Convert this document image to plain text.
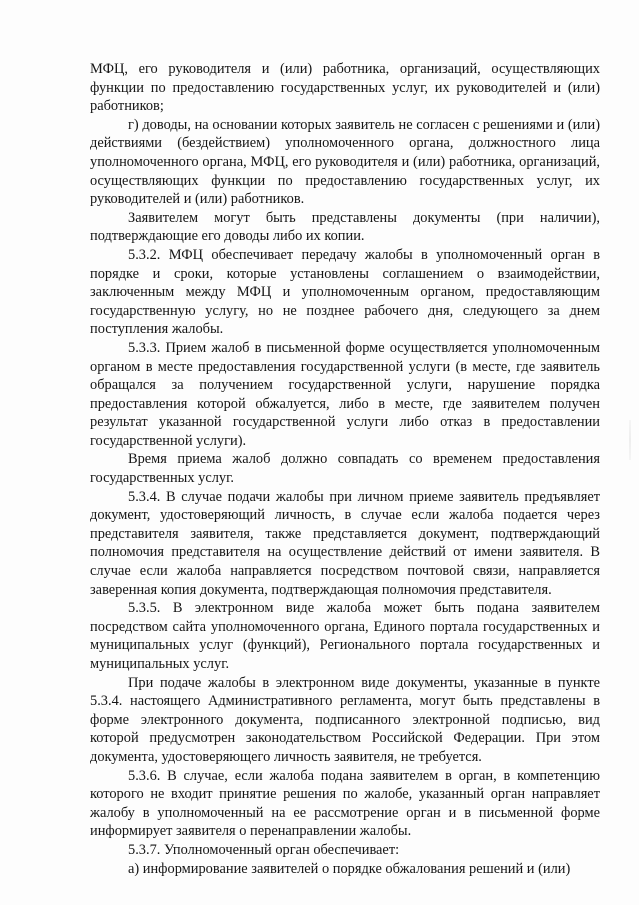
МФЦ, его руководителя и (или) работника, организаций, осуществляющих функции по предоставлению государственных услуг, их руководителей и (или) работников;

г) доводы, на основании которых заявитель не согласен с решениями и (или) действиями (бездействием) уполномоченного органа, должностного лица уполномоченного органа, МФЦ, его руководителя и (или) работника, организаций, осуществляющих функции по предоставлению государственных услуг, их руководителей и (или) работников.

Заявителем могут быть представлены документы (при наличии), подтверждающие его доводы либо их копии.

5.3.2. МФЦ обеспечивает передачу жалобы в уполномоченный орган в порядке и сроки, которые установлены соглашением о взаимодействии, заключенным между МФЦ и уполномоченным органом, предоставляющим государственную услугу, но не позднее рабочего дня, следующего за днем поступления жалобы.

5.3.3. Прием жалоб в письменной форме осуществляется уполномоченным органом в месте предоставления государственной услуги (в месте, где заявитель обращался за получением государственной услуги, нарушение порядка предоставления которой обжалуется, либо в месте, где заявителем получен результат указанной государственной услуги либо отказ в предоставлении государственной услуги).

Время приема жалоб должно совпадать со временем предоставления государственных услуг.

5.3.4. В случае подачи жалобы при личном приеме заявитель предъявляет документ, удостоверяющий личность, в случае если жалоба подается через представителя заявителя, также представляется документ, подтверждающий полномочия представителя на осуществление действий от имени заявителя. В случае если жалоба направляется посредством почтовой связи, направляется заверенная копия документа, подтверждающая полномочия представителя.

5.3.5. В электронном виде жалоба может быть подана заявителем посредством сайта уполномоченного органа, Единого портала государственных и муниципальных услуг (функций), Регионального портала государственных и муниципальных услуг.

При подаче жалобы в электронном виде документы, указанные в пункте 5.3.4. настоящего Административного регламента, могут быть представлены в форме электронного документа, подписанного электронной подписью, вид которой предусмотрен законодательством Российской Федерации. При этом документа, удостоверяющего личность заявителя, не требуется.

5.3.6. В случае, если жалоба подана заявителем в орган, в компетенцию которого не входит принятие решения по жалобе, указанный орган направляет жалобу в уполномоченный на ее рассмотрение орган и в письменной форме информирует заявителя о перенаправлении жалобы.

5.3.7. Уполномоченный орган обеспечивает:

а) информирование заявителей о порядке обжалования решений и (или)
